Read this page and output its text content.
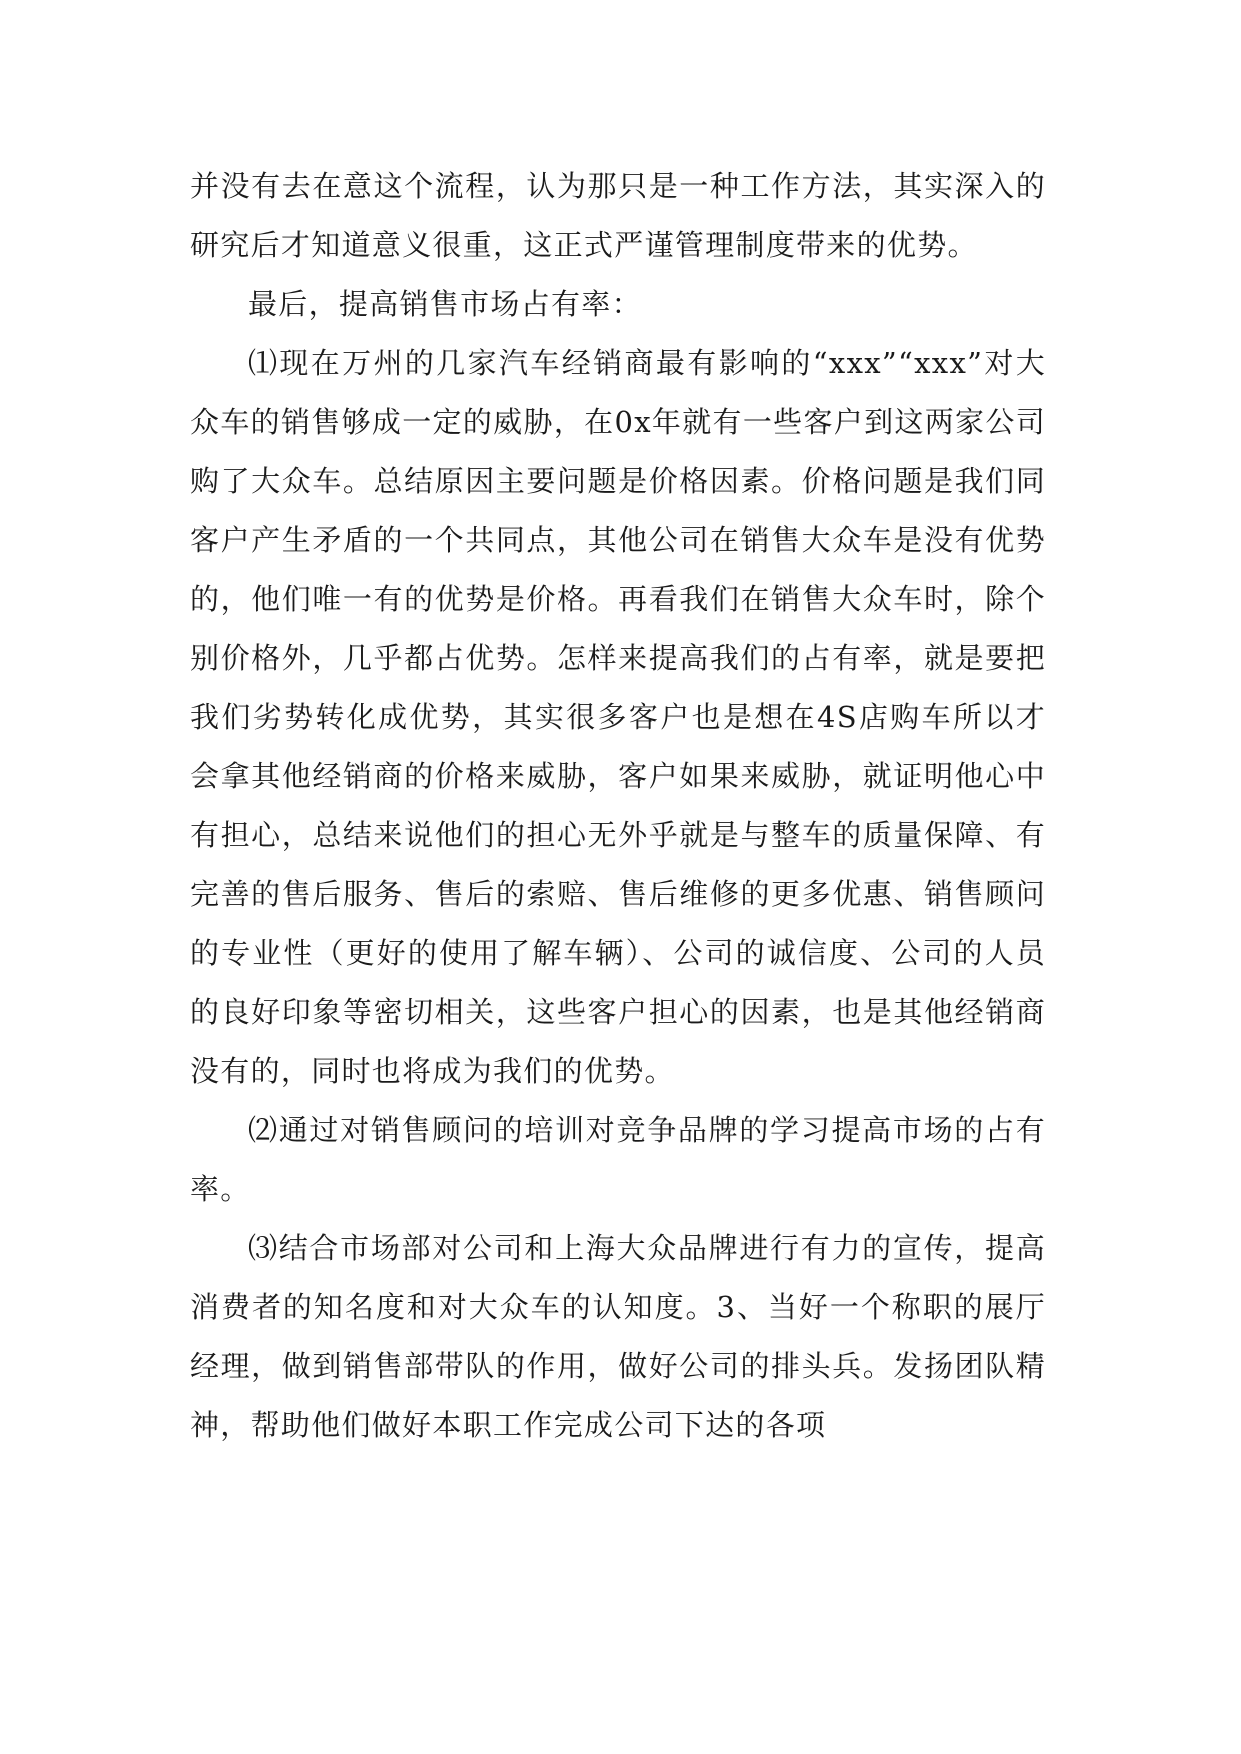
并没有去在意这个流程，认为那只是一种工作方法，其实深入的研究后才知道意义很重，这正式严谨管理制度带来的优势。

最后，提高销售市场占有率：

⑴现在万州的几家汽车经销商最有影响的“xxx”“xxx”对大众车的销售够成一定的威胁，在0x年就有一些客户到这两家公司购了大众车。总结原因主要问题是价格因素。价格问题是我们同客户产生矛盾的一个共同点，其他公司在销售大众车是没有优势的，他们唯一有的优势是价格。再看我们在销售大众车时，除个别价格外，几乎都占优势。怎样来提高我们的占有率，就是要把我们劣势转化成优势，其实很多客户也是想在4S店购车所以才会拿其他经销商的价格来威胁，客户如果来威胁，就证明他心中有担心，总结来说他们的担心无外乎就是与整车的质量保障、有完善的售后服务、售后的索赔、售后维修的更多优惠、销售顾问的专业性（更好的使用了解车辆）、公司的诚信度、公司的人员的良好印象等密切相关，这些客户担心的因素，也是其他经销商没有的，同时也将成为我们的优势。

⑵通过对销售顾问的培训对竞争品牌的学习提高市场的占有率。

⑶结合市场部对公司和上海大众品牌进行有力的宣传，提高消费者的知名度和对大众车的认知度。3、当好一个称职的展厅经理，做到销售部带队的作用，做好公司的排头兵。发扬团队精神，帮助他们做好本职工作完成公司下达的各项
